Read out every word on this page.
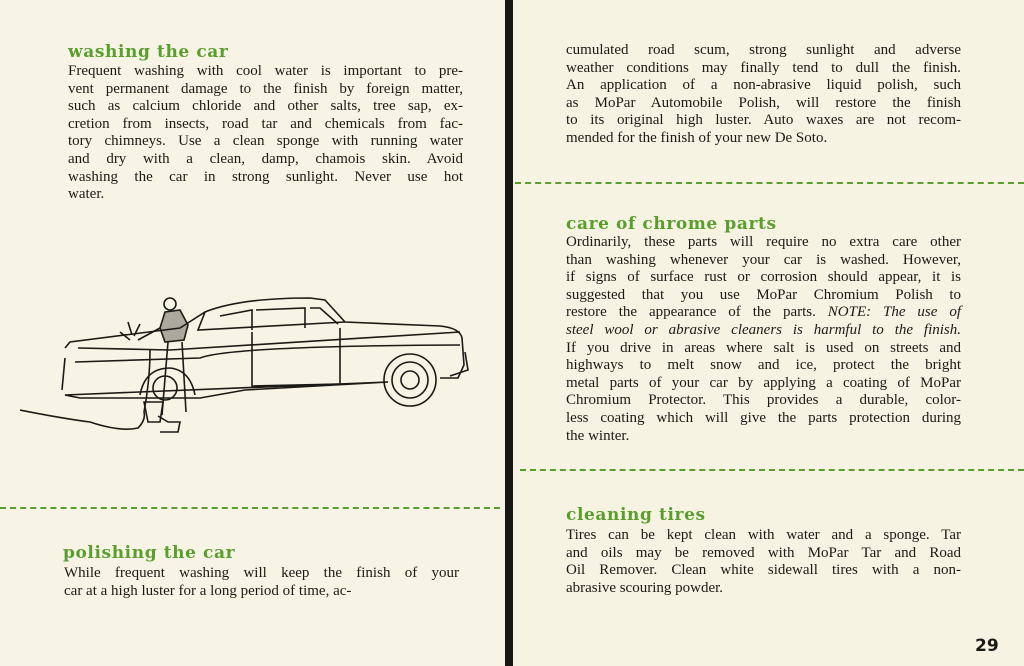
washing the car
Frequent washing with cool water is important to pre-
vent permanent damage to the finish by foreign matter,
such as calcium chloride and other salts, tree sap, ex-
cretion from insects, road tar and chemicals from fac-
tory chimneys. Use a clean sponge with running water
and dry with a clean, damp, chamois skin. Avoid
washing the car in strong sunlight. Never use hot
water.
polishing the car
While frequent washing will keep the finish of your
car at a high luster for a long period of time, ac-
cumulated road scum, strong sunlight and adverse
weather conditions may finally tend to dull the finish.
An application of a non-abrasive liquid polish, such
as MoPar Automobile Polish, will restore the finish
to its original high luster. Auto waxes are not recom-
mended for the finish of your new De Soto.
care of chrome parts
Ordinarily, these parts will require no extra care other
than washing whenever your car is washed. However,
if signs of surface rust or corrosion should appear, it is
suggested that you use MoPar Chromium Polish to
restore the appearance of the parts. NOTE: The use of
steel wool or abrasive cleaners is harmful to the finish.
If you drive in areas where salt is used on streets and
highways to melt snow and ice, protect the bright
metal parts of your car by applying a coating of MoPar
Chromium Protector. This provides a durable, color-
less coating which will give the parts protection during
the winter.
cleaning tires
Tires can be kept clean with water and a sponge. Tar
and oils may be removed with MoPar Tar and Road
Oil Remover. Clean white sidewall tires with a non-
abrasive scouring powder.
29
